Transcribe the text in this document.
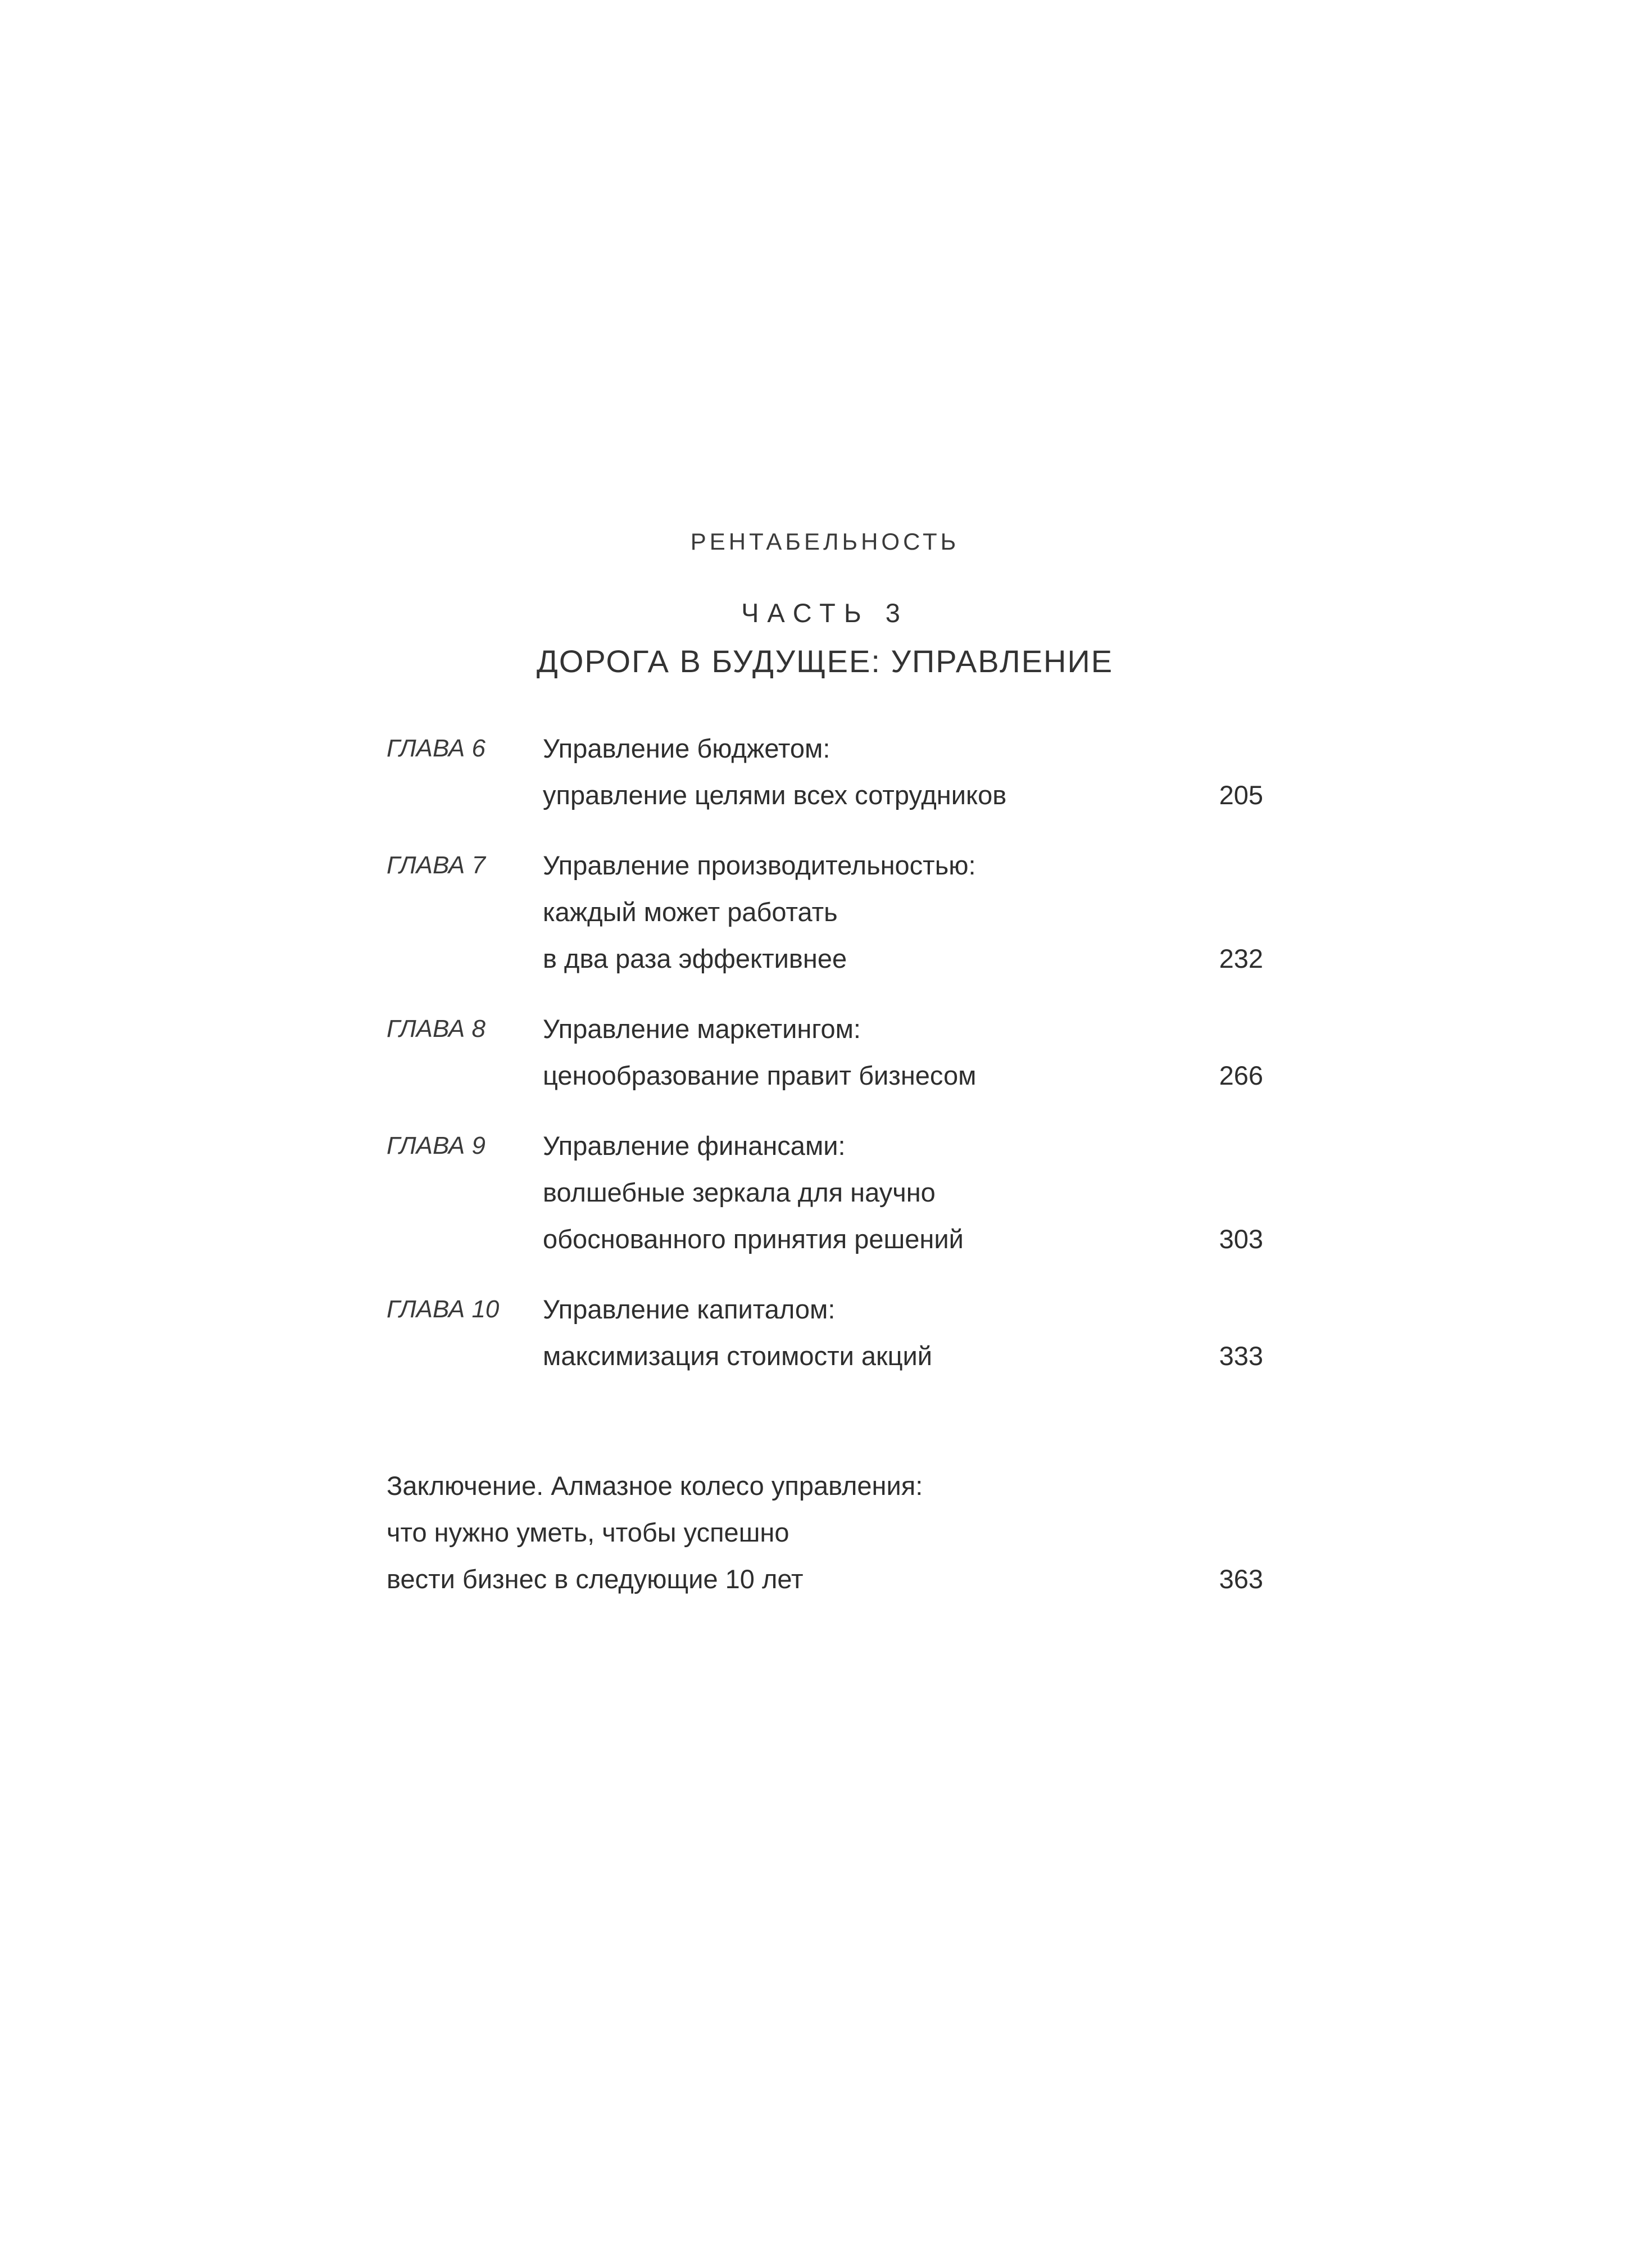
РЕНТАБЕЛЬНОСТЬ
ЧАСТЬ 3
ДОРОГА В БУДУЩЕЕ: УПРАВЛЕНИЕ
ГЛАВА 6	Управление бюджетом:
управление целями всех сотрудников	205
ГЛАВА 7	Управление производительностью:
каждый может работать
в два раза эффективнее	232
ГЛАВА 8	Управление маркетингом:
ценообразование правит бизнесом	266
ГЛАВА 9	Управление финансами:
волшебные зеркала для научно
обоснованного принятия решений	303
ГЛАВА 10	Управление капиталом:
максимизация стоимости акций	333
Заключение. Алмазное колесо управления:
что нужно уметь, чтобы успешно
вести бизнес в следующие 10 лет	363
